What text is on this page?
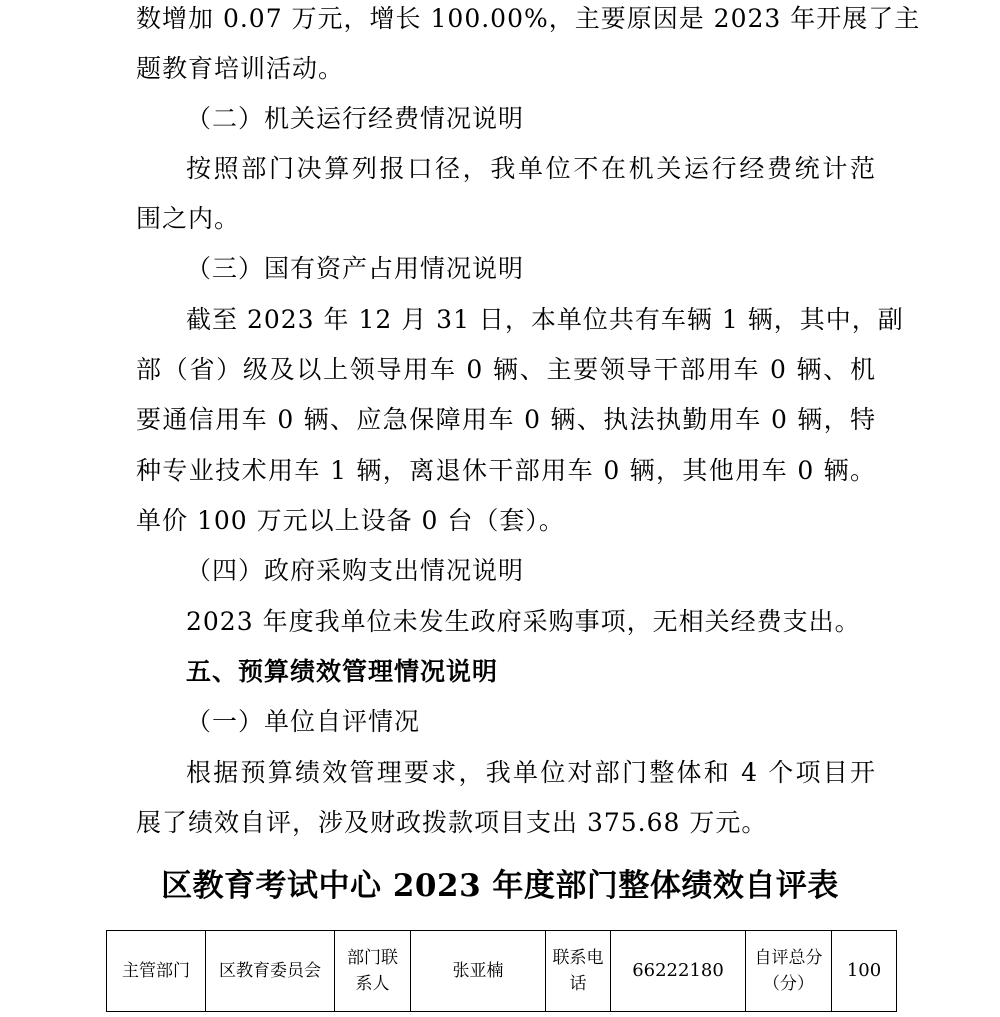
数增加 0.07 万元，增长 100.00%，主要原因是 2023 年开展了主
题教育培训活动。
（二）机关运行经费情况说明
按照部门决算列报口径，我单位不在机关运行经费统计范
围之内。
（三）国有资产占用情况说明
截至 2023 年 12 月 31 日，本单位共有车辆 1 辆，其中，副
部（省）级及以上领导用车 0 辆、主要领导干部用车 0 辆、机
要通信用车 0 辆、应急保障用车 0 辆、执法执勤用车 0 辆，特
种专业技术用车 1 辆，离退休干部用车 0 辆，其他用车 0 辆。
单价 100 万元以上设备 0 台（套）。
（四）政府采购支出情况说明
2023 年度我单位未发生政府采购事项，无相关经费支出。
五、预算绩效管理情况说明
（一）单位自评情况
根据预算绩效管理要求，我单位对部门整体和 4 个项目开
展了绩效自评，涉及财政拨款项目支出 375.68 万元。
区教育考试中心 2023 年度部门整体绩效自评表
主管部门	区教育委员会	部门联系人	张亚楠	联系电话	66222180	自评总分（分）	100
